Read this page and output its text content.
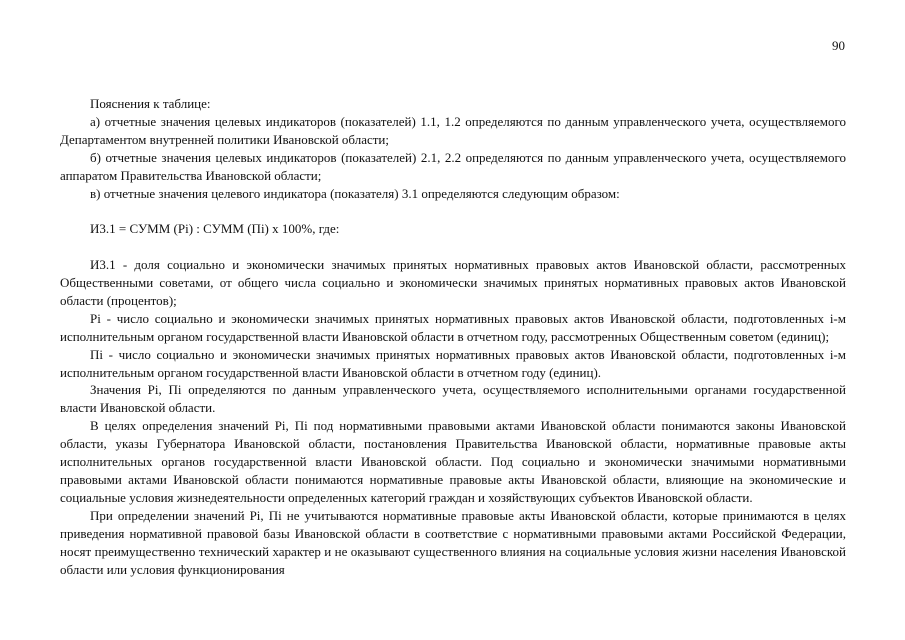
90

Пояснения к таблице:

а) отчетные значения целевых индикаторов (показателей) 1.1, 1.2 определяются по данным управленческого учета, осуществляемого Департаментом внутренней политики Ивановской области;

б) отчетные значения целевых индикаторов (показателей) 2.1, 2.2 определяются по данным управленческого учета, осуществляемого аппаратом Правительства Ивановской области;

в) отчетные значения целевого индикатора (показателя) 3.1 определяются следующим образом:

И3.1 = СУММ (Рi) : СУММ (Пi) х 100%, где:

И3.1 - доля социально и экономически значимых принятых нормативных правовых актов Ивановской области, рассмотренных Общественными советами, от общего числа социально и экономически значимых принятых нормативных правовых актов Ивановской области (процентов);

Рi - число социально и экономически значимых принятых нормативных правовых актов Ивановской области, подготовленных i-м исполнительным органом государственной власти Ивановской области в отчетном году, рассмотренных Общественным советом (единиц);

Пi - число социально и экономически значимых принятых нормативных правовых актов Ивановской области, подготовленных i-м исполнительным органом государственной власти Ивановской области в отчетном году (единиц).

Значения Рi, Пi определяются по данным управленческого учета, осуществляемого исполнительными органами государственной власти Ивановской области.

В целях определения значений Рi, Пi под нормативными правовыми актами Ивановской области понимаются законы Ивановской области, указы Губернатора Ивановской области, постановления Правительства Ивановской области, нормативные правовые акты исполнительных органов государственной власти Ивановской области. Под социально и экономически значимыми нормативными правовыми актами Ивановской области понимаются нормативные правовые акты Ивановской области, влияющие на экономические и социальные условия жизнедеятельности определенных категорий граждан и хозяйствующих субъектов Ивановской области.

При определении значений Рi, Пi не учитываются нормативные правовые акты Ивановской области, которые принимаются в целях приведения нормативной правовой базы Ивановской области в соответствие с нормативными правовыми актами Российской Федерации, носят преимущественно технический характер и не оказывают существенного влияния на социальные условия жизни населения Ивановской области или условия функционирования
